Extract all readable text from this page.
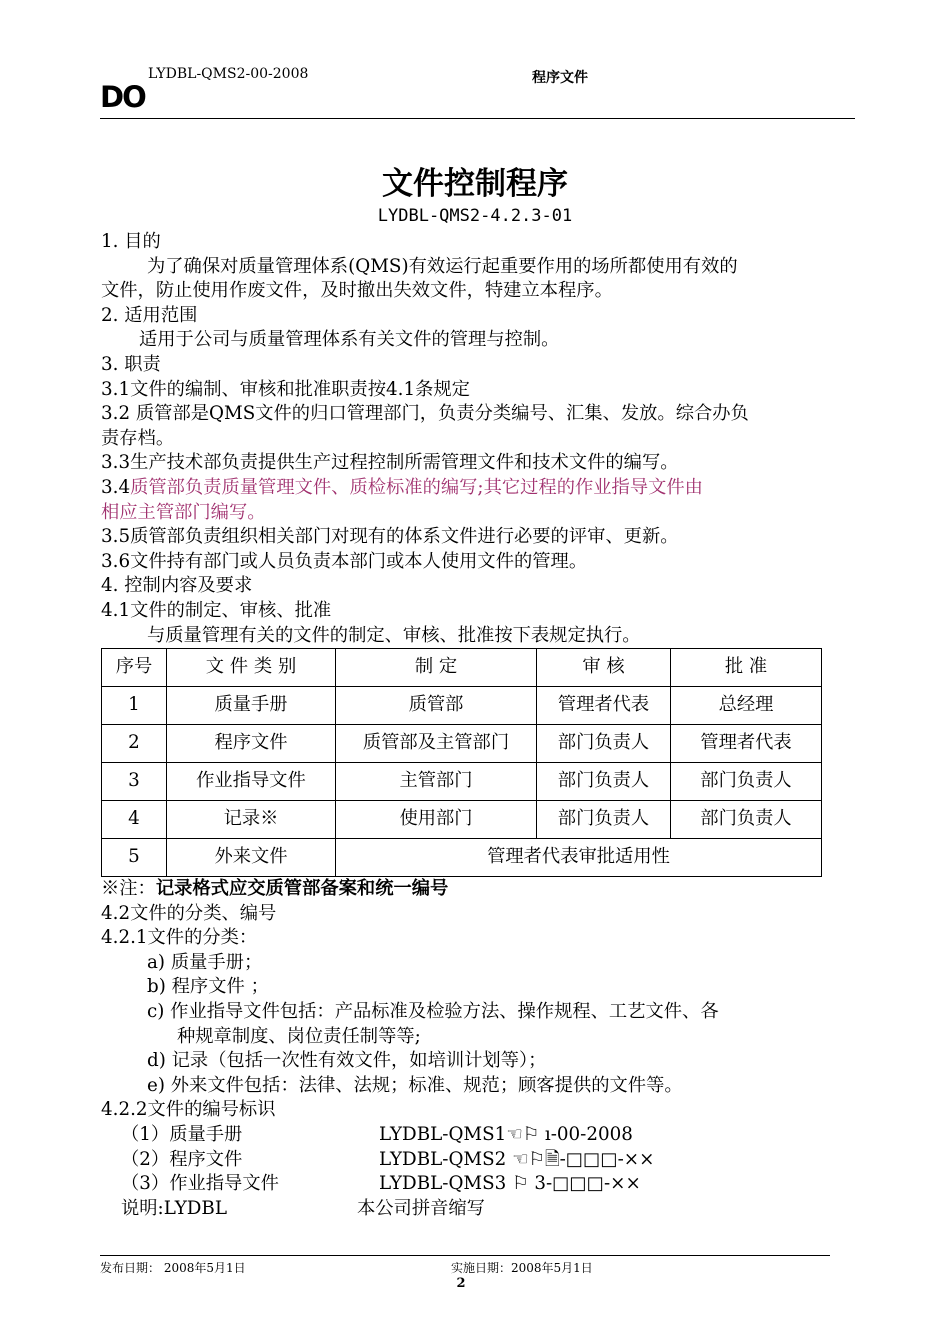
LYDBL-QMS2-00-2008	程序文件
DO
文件控制程序
LYDBL-QMS2-4.2.3-01

1. 目的

为了确保对质量管理体系(QMS)有效运行起重要作用的场所都使用有效的

文件，防止使用作废文件，及时撤出失效文件，特建立本程序。

2. 适用范围

适用于公司与质量管理体系有关文件的管理与控制。

3. 职责

3.1文件的编制、审核和批准职责按4.1条规定

3.2 质管部是QMS文件的归口管理部门，负责分类编号、汇集、发放。综合办负

责存档。

3.3生产技术部负责提供生产过程控制所需管理文件和技术文件的编写。

3.4质管部负责质量管理文件、质检标准的编写;其它过程的作业指导文件由

相应主管部门编写。

3.5质管部负责组织相关部门对现有的体系文件进行必要的评审、更新。

3.6文件持有部门或人员负责本部门或本人使用文件的管理。

4. 控制内容及要求

4.1文件的制定、审核、批准

与质量管理有关的文件的制定、审核、批准按下表规定执行。

序号	文 件 类 别	制 定	审 核	批 准
1	质量手册	质管部	管理者代表	总经理
2	程序文件	质管部及主管部门	部门负责人	管理者代表
3	作业指导文件	主管部门	部门负责人	部门负责人
4	记录※	使用部门	部门负责人	部门负责人
5	外来文件	管理者代表审批适用性		

※注：记录格式应交质管部备案和统一编号

4.2文件的分类、编号

4.2.1文件的分类：

a) 质量手册；

b) 程序文件 ；

c) 作业指导文件包括：产品标准及检验方法、操作规程、工艺文件、各

种规章制度、岗位责任制等等;

d) 记录（包括一次性有效文件，如培训计划等）；

e) 外来文件包括：法律、法规；标准、规范；顾客提供的文件等。

4.2.2文件的编号标识

（1）质量手册	LYDBL-QMS1☜⚐ ı-00-2008

（2）程序文件	LYDBL-QMS2 ☜⚐🗎-□□□-××

（3）作业指导文件	LYDBL-QMS3 ⚐ 3-□□□-××

说明:LYDBL	本公司拼音缩写

发布日期： 2008年5月1日	实施日期：2008年5月1日
2
